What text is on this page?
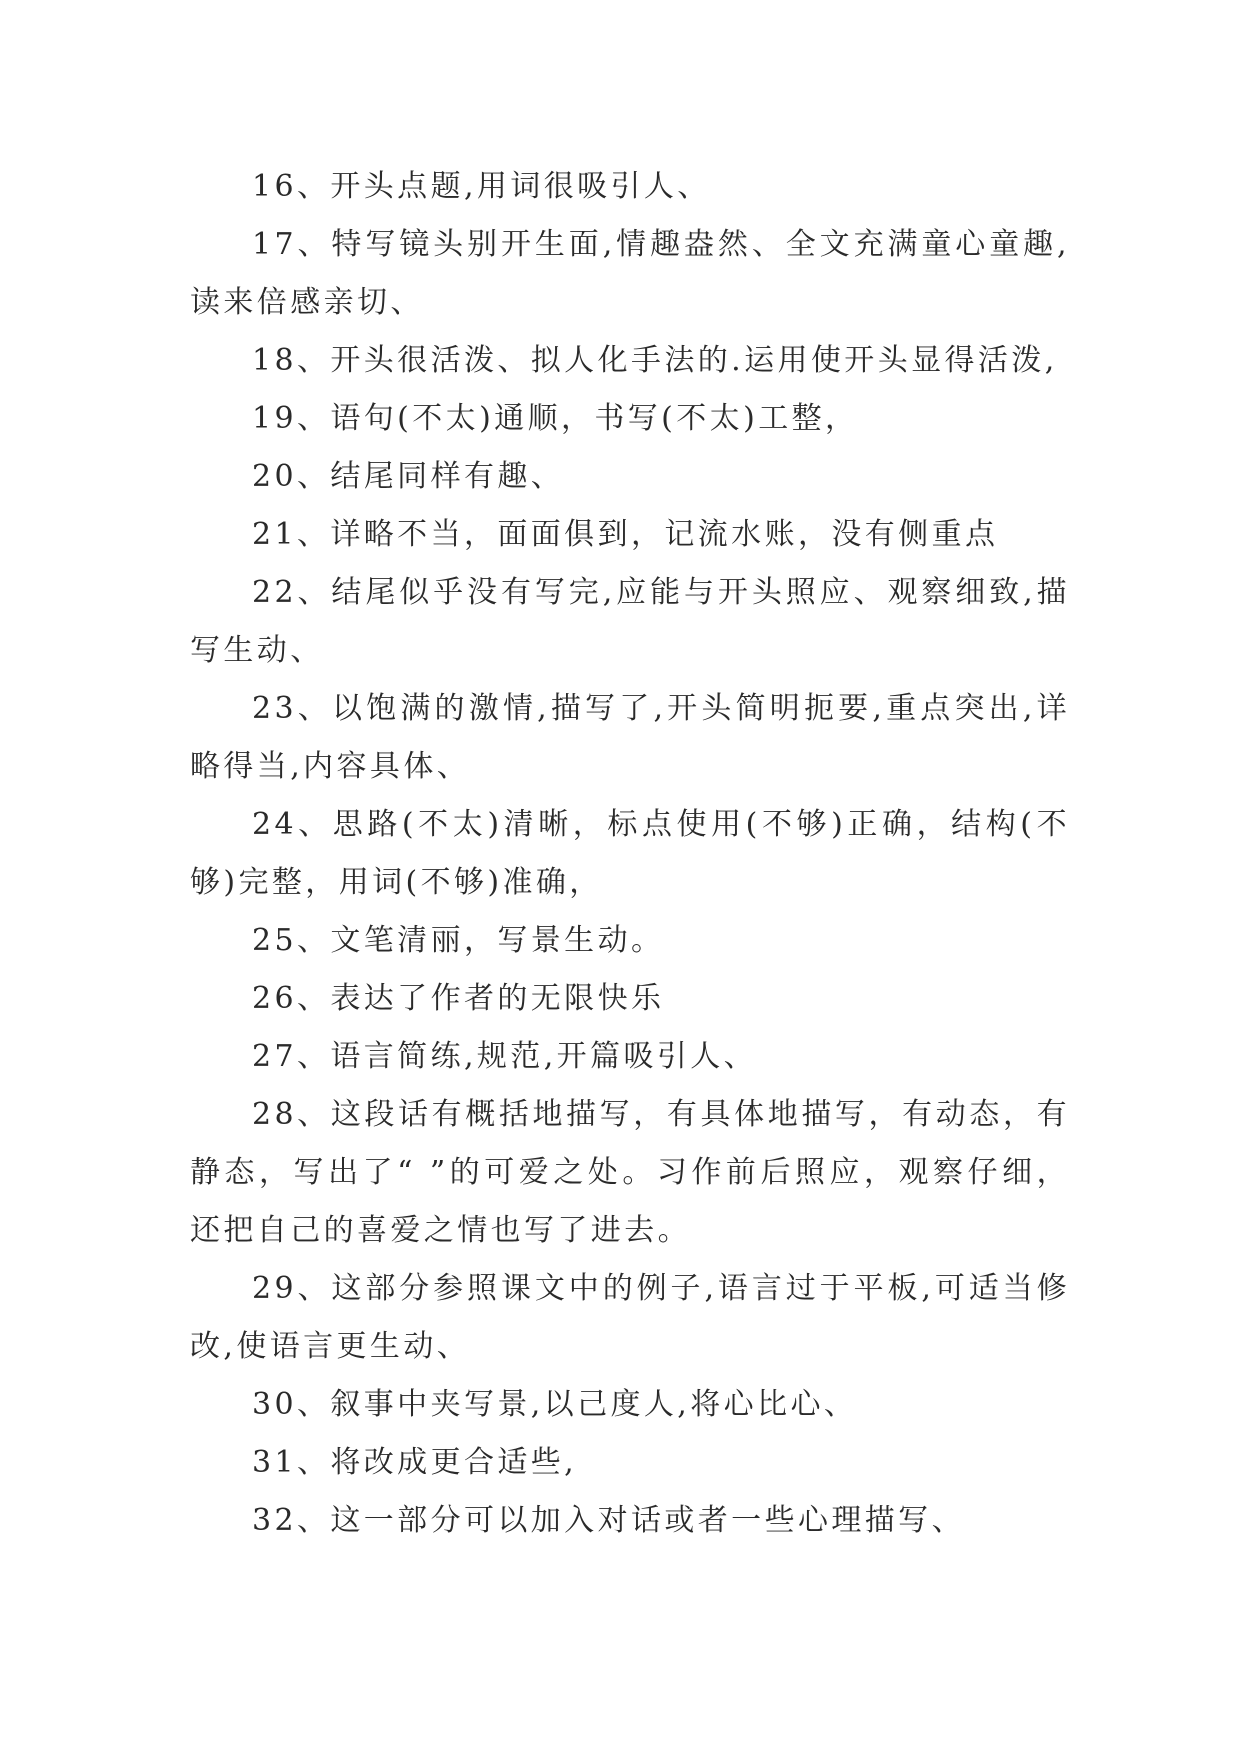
16、开头点题,用词很吸引人、

17、特写镜头别开生面,情趣盎然、全文充满童心童趣,读来倍感亲切、

18、开头很活泼、拟人化手法的.运用使开头显得活泼,

19、语句(不太)通顺，书写(不太)工整，

20、结尾同样有趣、

21、详略不当，面面俱到，记流水账，没有侧重点

22、结尾似乎没有写完,应能与开头照应、观察细致,描写生动、

23、以饱满的激情,描写了,开头简明扼要,重点突出,详略得当,内容具体、

24、思路(不太)清晰，标点使用(不够)正确，结构(不够)完整，用词(不够)准确，

25、文笔清丽，写景生动。

26、表达了作者的无限快乐

27、语言简练,规范,开篇吸引人、

28、这段话有概括地描写，有具体地描写，有动态，有静态，写出了“ ”的可爱之处。习作前后照应，观察仔细，还把自己的喜爱之情也写了进去。

29、这部分参照课文中的例子,语言过于平板,可适当修改,使语言更生动、

30、叙事中夹写景,以己度人,将心比心、

31、将改成更合适些,

32、这一部分可以加入对话或者一些心理描写、
